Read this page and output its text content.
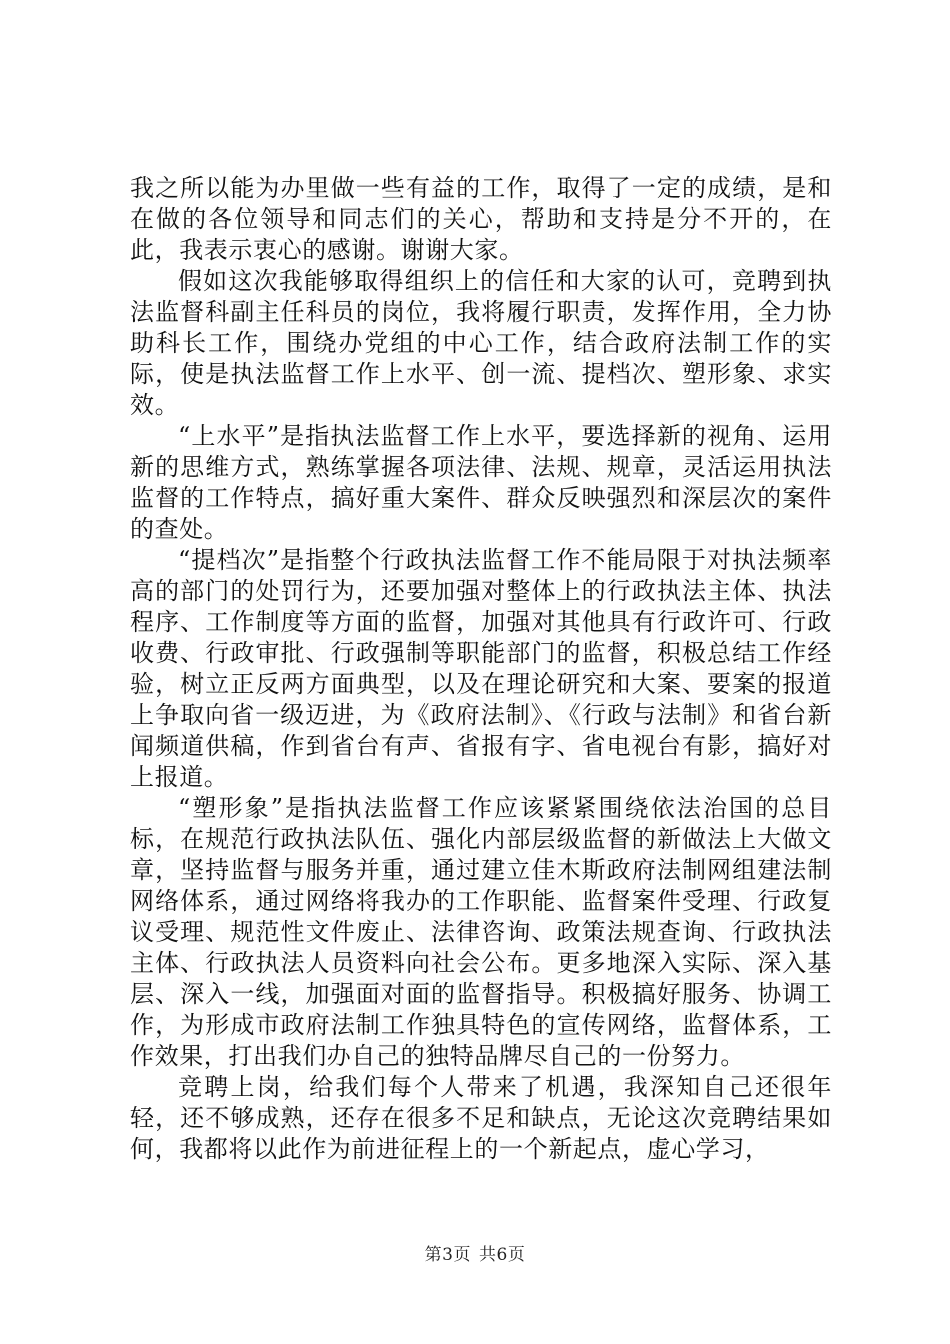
我之所以能为办里做一些有益的工作，取得了一定的成绩，是和在做的各位领导和同志们的关心，帮助和支持是分不开的，在此，我表示衷心的感谢。谢谢大家。

假如这次我能够取得组织上的信任和大家的认可，竞聘到执法监督科副主任科员的岗位，我将履行职责，发挥作用，全力协助科长工作，围绕办党组的中心工作，结合政府法制工作的实际，使是执法监督工作上水平、创一流、提档次、塑形象、求实效。

“上水平”是指执法监督工作上水平，要选择新的视角、运用新的思维方式，熟练掌握各项法律、法规、规章，灵活运用执法监督的工作特点，搞好重大案件、群众反映强烈和深层次的案件的查处。

“提档次”是指整个行政执法监督工作不能局限于对执法频率高的部门的处罚行为，还要加强对整体上的行政执法主体、执法程序、工作制度等方面的监督，加强对其他具有行政许可、行政收费、行政审批、行政强制等职能部门的监督，积极总结工作经验，树立正反两方面典型，以及在理论研究和大案、要案的报道上争取向省一级迈进，为《政府法制》、《行政与法制》和省台新闻频道供稿，作到省台有声、省报有字、省电视台有影，搞好对上报道。

“塑形象”是指执法监督工作应该紧紧围绕依法治国的总目标，在规范行政执法队伍、强化内部层级监督的新做法上大做文章，坚持监督与服务并重，通过建立佳木斯政府法制网组建法制网络体系，通过网络将我办的工作职能、监督案件受理、行政复议受理、规范性文件废止、法律咨询、政策法规查询、行政执法主体、行政执法人员资料向社会公布。更多地深入实际、深入基层、深入一线，加强面对面的监督指导。积极搞好服务、协调工作，为形成市政府法制工作独具特色的宣传网络，监督体系，工作效果，打出我们办自己的独特品牌尽自己的一份努力。

竞聘上岗，给我们每个人带来了机遇，我深知自己还很年轻，还不够成熟，还存在很多不足和缺点，无论这次竞聘结果如何，我都将以此作为前进征程上的一个新起点，虚心学习，

第3页 共6页
